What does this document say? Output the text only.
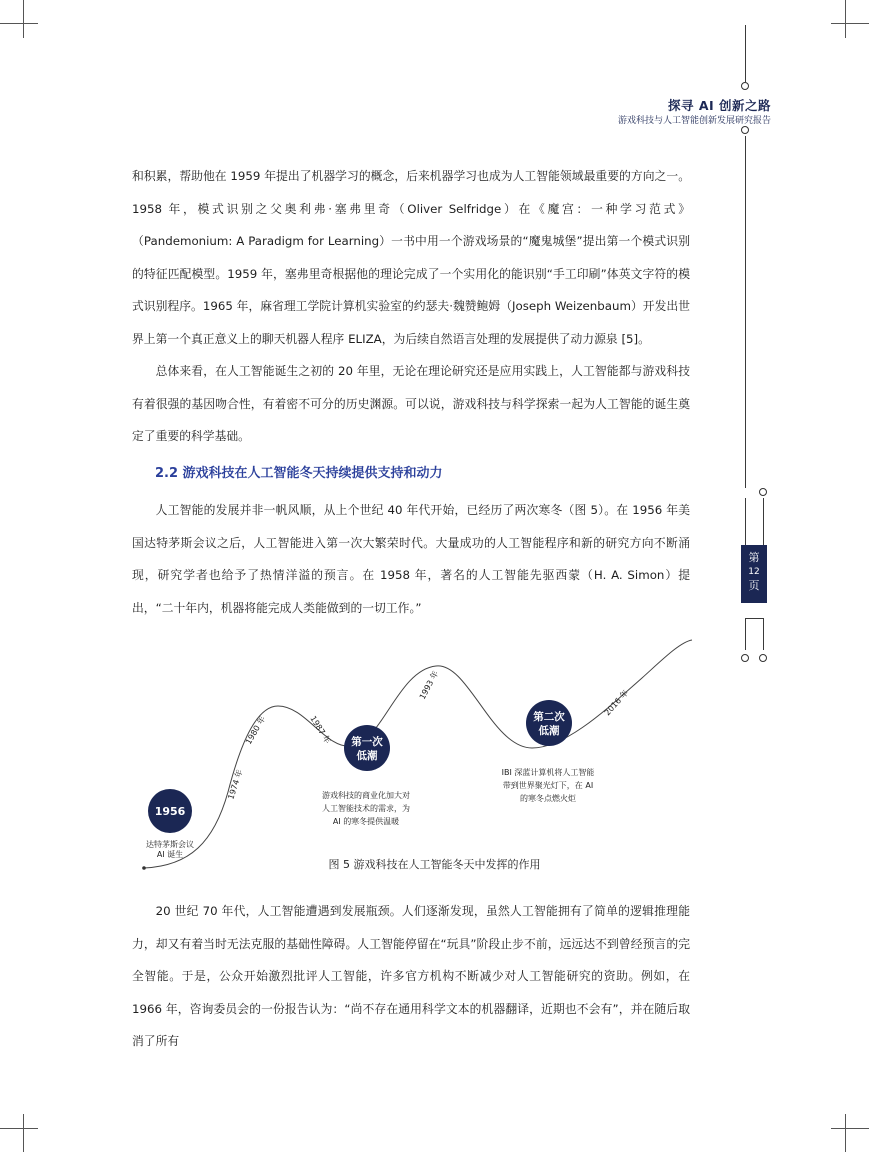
探寻 AI 创新之路
游戏科技与人工智能创新发展研究报告
第
12
页

和积累，帮助他在 1959 年提出了机器学习的概念，后来机器学习也成为人工智能领域最重要的方向之一。1958 年，模式识别之父奥利弗·塞弗里奇（Oliver Selfridge）在《魔宫：一种学习范式》（Pandemonium: A Paradigm for Learning）一书中用一个游戏场景的“魔鬼城堡”提出第一个模式识别的特征匹配模型。1959 年，塞弗里奇根据他的理论完成了一个实用化的能识别“手工印刷”体英文字符的模式识别程序。1965 年，麻省理工学院计算机实验室的约瑟夫·魏赞鲍姆（Joseph Weizenbaum）开发出世界上第一个真正意义上的聊天机器人程序 ELIZA，为后续自然语言处理的发展提供了动力源泉 [5]。

总体来看，在人工智能诞生之初的 20 年里，无论在理论研究还是应用实践上，人工智能都与游戏科技有着很强的基因吻合性，有着密不可分的历史渊源。可以说，游戏科技与科学探索一起为人工智能的诞生奠定了重要的科学基础。

2.2 游戏科技在人工智能冬天持续提供支持和动力

人工智能的发展并非一帆风顺，从上个世纪 40 年代开始，已经历了两次寒冬（图 5）。在 1956 年美国达特茅斯会议之后，人工智能进入第一次大繁荣时代。大量成功的人工智能程序和新的研究方向不断涌现，研究学者也给予了热情洋溢的预言。在 1958 年，著名的人工智能先驱西蒙（H. A. Simon）提出，“二十年内，机器将能完成人类能做到的一切工作。”

1956
达特茅斯会议
AI 诞生
1974 年
1980 年	1987 年
1993 年
2016 年
第一次
低潮
游戏科技的商业化加大对
人工智能技术的需求，为
AI 的寒冬提供温暖
第二次
低潮
IBI 深蓝计算机将人工智能
带到世界聚光灯下，在 AI
的寒冬点燃火炬
图 5 游戏科技在人工智能冬天中发挥的作用

20 世纪 70 年代，人工智能遭遇到发展瓶颈。人们逐渐发现，虽然人工智能拥有了简单的逻辑推理能力，却又有着当时无法克服的基础性障碍。人工智能停留在“玩具”阶段止步不前，远远达不到曾经预言的完全智能。于是，公众开始激烈批评人工智能，许多官方机构不断减少对人工智能研究的资助。例如，在 1966 年，咨询委员会的一份报告认为：“尚不存在通用科学文本的机器翻译，近期也不会有”，并在随后取消了所有
